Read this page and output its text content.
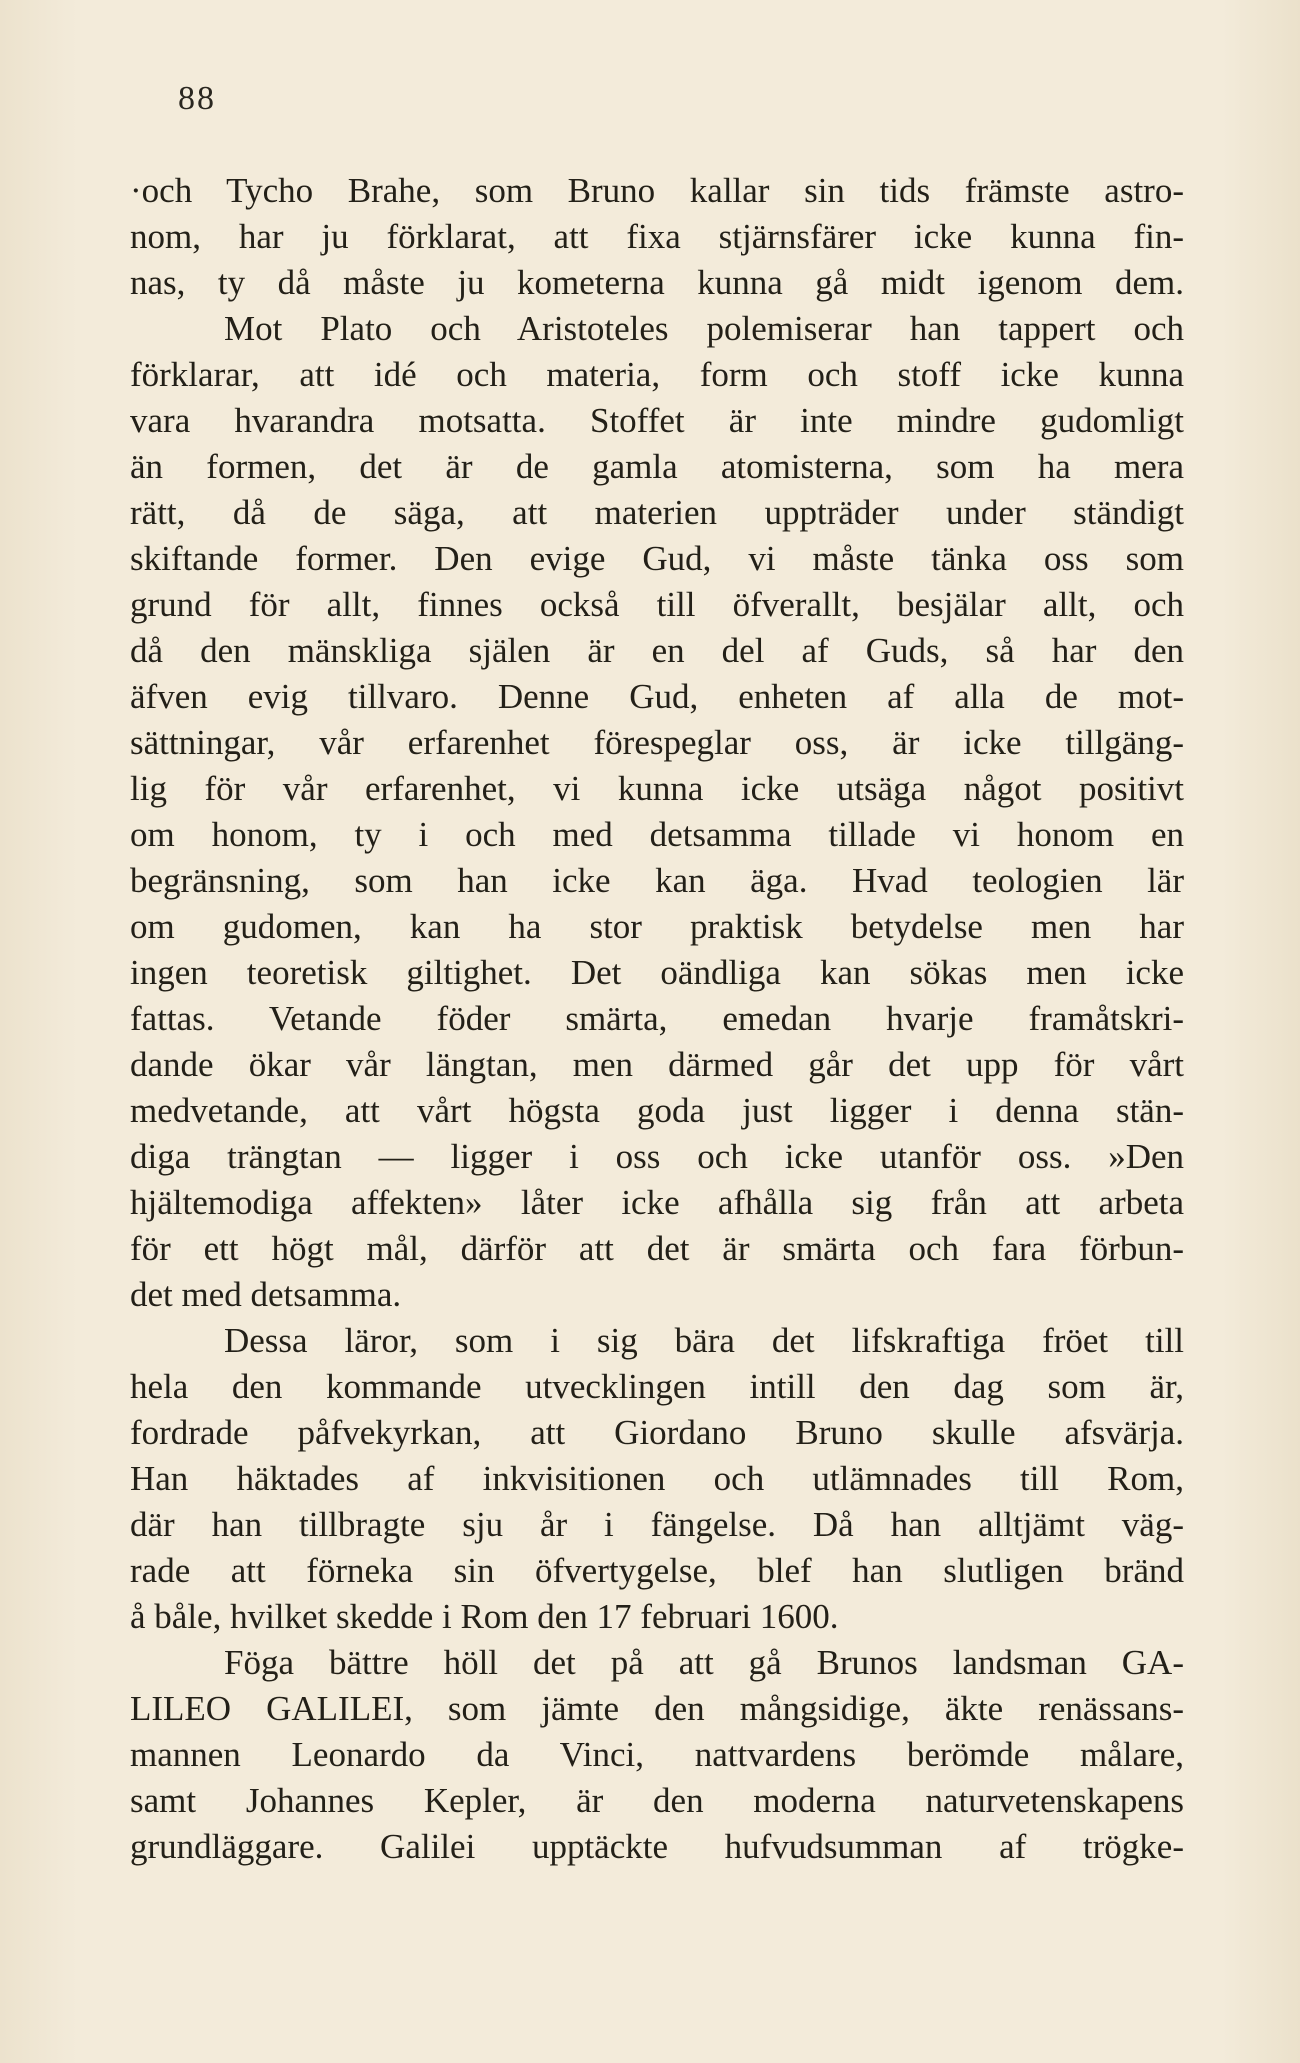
88
·och Tycho Brahe, som Bruno kallar sin tids främste astro-
nom, har ju förklarat, att fixa stjärnsfärer icke kunna fin-
nas, ty då måste ju kometerna kunna gå midt igenom dem.
Mot Plato och Aristoteles polemiserar han tappert och
förklarar, att idé och materia, form och stoff icke kunna
vara hvarandra motsatta. Stoffet är inte mindre gudomligt
än formen, det är de gamla atomisterna, som ha mera
rätt, då de säga, att materien uppträder under ständigt
skiftande former. Den evige Gud, vi måste tänka oss som
grund för allt, finnes också till öfverallt, besjälar allt, och
då den mänskliga själen är en del af Guds, så har den
äfven evig tillvaro. Denne Gud, enheten af alla de mot-
sättningar, vår erfarenhet förespeglar oss, är icke tillgäng-
lig för vår erfarenhet, vi kunna icke utsäga något positivt
om honom, ty i och med detsamma tillade vi honom en
begränsning, som han icke kan äga. Hvad teologien lär
om gudomen, kan ha stor praktisk betydelse men har
ingen teoretisk giltighet. Det oändliga kan sökas men icke
fattas. Vetande föder smärta, emedan hvarje framåtskri-
dande ökar vår längtan, men därmed går det upp för vårt
medvetande, att vårt högsta goda just ligger i denna stän-
diga trängtan — ligger i oss och icke utanför oss. »Den
hjältemodiga affekten» låter icke afhålla sig från att arbeta
för ett högt mål, därför att det är smärta och fara förbun-
det med detsamma.
Dessa läror, som i sig bära det lifskraftiga fröet till
hela den kommande utvecklingen intill den dag som är,
fordrade påfvekyrkan, att Giordano Bruno skulle afsvärja.
Han häktades af inkvisitionen och utlämnades till Rom,
där han tillbragte sju år i fängelse. Då han alltjämt väg-
rade att förneka sin öfvertygelse, blef han slutligen bränd
å båle, hvilket skedde i Rom den 17 februari 1600.
Föga bättre höll det på att gå Brunos landsman GA-
LILEO GALILEI, som jämte den mångsidige, äkte renässans-
mannen Leonardo da Vinci, nattvardens berömde målare,
samt Johannes Kepler, är den moderna naturvetenskapens
grundläggare. Galilei upptäckte hufvudsumman af trögke-
